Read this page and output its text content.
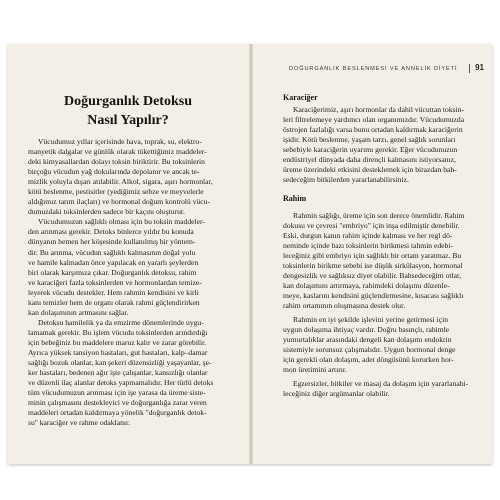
Doğurganlık Detoksu
Nasıl Yapılır?
Vücudumuz yıllar içerisinde hava, toprak, su, elektro-
manyetik dalgalar ve günlük olarak tükettiğimiz maddeler-
deki kimyasallardan dolayı toksin biriktirir. Bu toksinlerin
birçoğu vücudun yağ dokularında depolanır ve ancak te-
mizlik yoluyla dışarı atılabilir. Alkol, sigara, aşırı hormonlar,
kötü beslenme, pestisitler (yediğimiz sebze ve meyvelerle
aldığımız tarım ilaçları) ve hormonal doğum kontrolü vücu-
dumuzdaki toksinlerden sadece bir kaçını oluşturur.
Vücudumuzun sağlıklı olması için bu toksin maddeler-
den arınması gerekir. Detoks binlerce yıldır bu konuda
dünyanın hemen her köşesinde kullanılmış bir yöntem-
dir. Bu arınma, vücudun sağlıklı kalmasının doğal yolu
ve hamile kalmadan önce yapılacak en yararlı şeylerden
biri olarak karşımıza çıkar. Doğurganlık detoksu, rahim
ve karaciğeri fazla toksinlerden ve hormonlardan temize-
leyerek vücudu destekler. Hem rahmin kendisini ve kirli
kanı temizler hem de organı olarak rahmi güçlendirirken
kan dolaşımının artmasını sağlar.
Detoksu hamilelik ya da emzirme dönemlerinde uygu-
lamamak gerekir. Bu işlem vücudu toksinlerden arındırdığı
için bebeğiniz bu maddelere maruz kalır ve zarar görebilir.
Ayrıca yüksek tansiyon hastaları, gut hastaları, kalp–damar
sağlığı bozuk olanlar, kan şekeri düzensizliği yaşayanlar, şe-
ker hastaları, bedenen ağır işte çalışanlar, kansızlığı olanlar
ve düzenli ilaç alanlar detoks yapmamalıdır. Her türlü detoks
tüm vücudumuzun arınması için işe yarasa da üreme siste-
minin çalışmasını destekleyici ve doğurganlığa zarar veren
maddeleri ortadan kaldırmaya yönelik "doğurganlık detok-
su" karaciğer ve rahme odaklanır.
DOĞURGANLIK BESLENMESİ VE ANNELİK DİYETİ	91
Karaciğer
Karaciğerimiz, aşırı hormonlar da dahil vücuttan toksin-
leri filtrelemeye yardımcı olan organımızdır. Vücudumuzda
östrojen fazlalığı varsa bunu ortadan kaldırmak karaciğerin
işidir. Kötü beslenme, yaşam tarzı, genel sağlık sorunları
sebebiyle karaciğerin uyarımı gerekir. Eğer vücudunuzun
endüstriyel dünyada daha dirençli kalmasını istiyorsanız,
üreme üzerindeki etkisini desteklemek için birazdan bah-
sedeceğim bitkilerden yararlanabilirsiniz.
Rahim
Rahmin sağlığı, üreme için son derece önemlidir. Rahim
dokusu ve çevresi "embriyo" için inşa edilmiştir denebilir.
Eski, durgun kanın rahim içinde kalması ve her regl dö-
neminde içinde bazı toksinlerin birikmesi tahmin edebi-
leceğiniz gibi embriyo için sağlıklı bir ortam yaratmaz. Bu
toksinlerin birikme sebebi ise düşük sirkülasyon, hormonal
dengesizlik ve sağlıksız diyet olabilir. Bahsedeceğim otlar,
kan dolaşımını artırmaya, rahimdeki dolaşımı düzenle-
meye, kaslarını kendisini güçlendirmesine, kısacası sağlıklı
rahim ortamının oluşmasına destek olur.
Rahmin en iyi şekilde işlevini yerine getirmesi için
uygun dolaşıma ihtiyaç vardır. Doğru basınçlı, rahimle
yumurtalıklar arasındaki dengeli kan dolaşımı endokrin
sistemiyle sorunsuz çalışmalıdır. Uygun hormonal denge
için gerekli olan dolaşım, adet döngüsünü korurken hor-
mon üretimini artırır.
Egzersizler, bitkiler ve masaj da dolaşım için yararlanabi-
leceğiniz diğer argümanlar olabilir.
